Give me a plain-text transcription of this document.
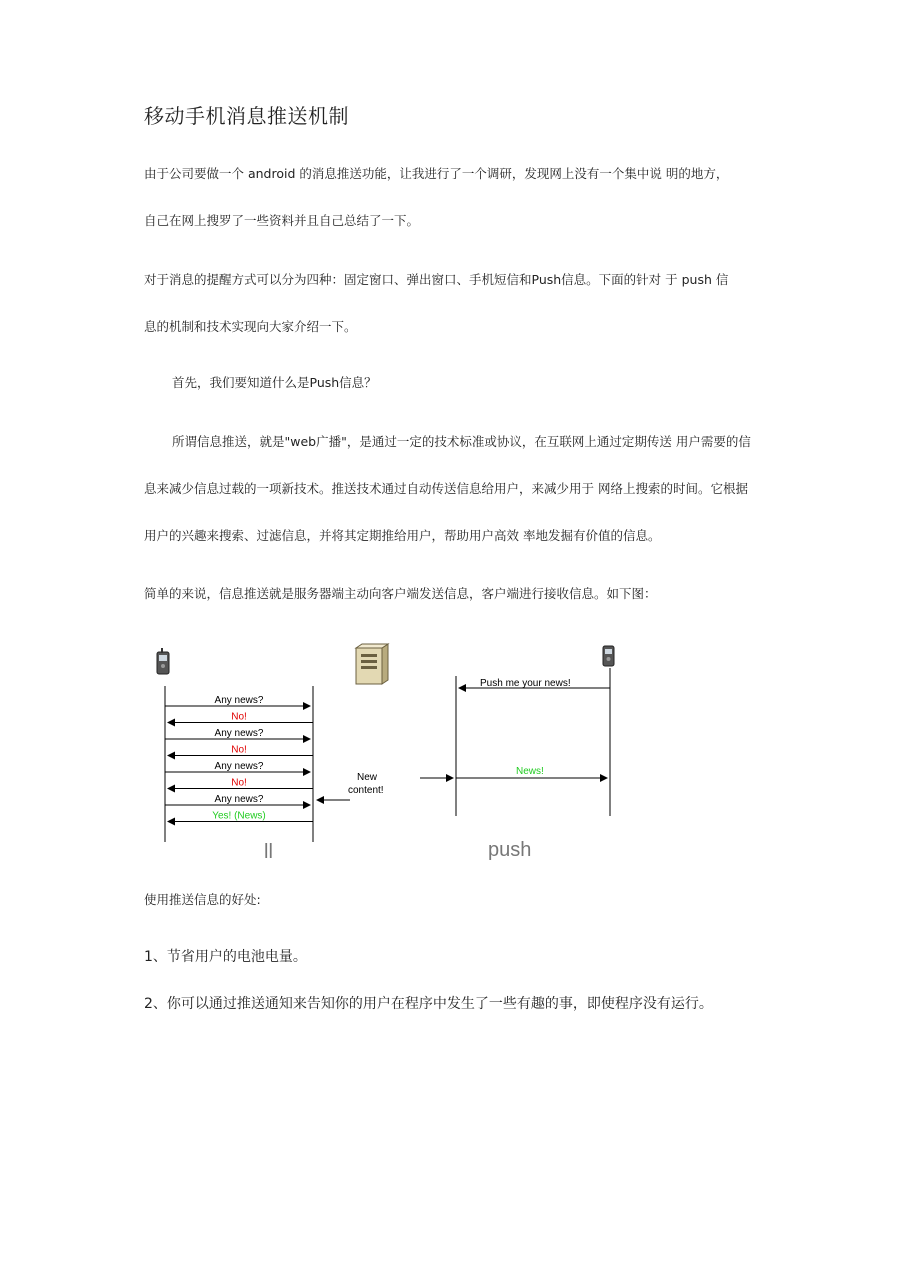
移动手机消息推送机制
由于公司要做一个 android 的消息推送功能，让我进行了一个调研，发现网上没有一个集中说 明的地方，
自己在网上搜罗了一些资料并且自己总结了一下。
对于消息的提醒方式可以分为四种：固定窗口、弹出窗口、手机短信和Push信息。下面的针对 于 push 信
息的机制和技术实现向大家介绍一下。
首先，我们要知道什么是Push信息？
所谓信息推送，就是"web广播"，是通过一定的技术标准或协议，在互联网上通过定期传送 用户需要的信
息来减少信息过载的一项新技术。推送技术通过自动传送信息给用户，来减少用于 网络上搜索的时间。它根据
用户的兴趣来搜索、过滤信息，并将其定期推给用户，帮助用户高效 率地发掘有价值的信息。
简单的来说，信息推送就是服务器端主动向客户端发送信息，客户端进行接收信息。如下图：
Any news?
No!
Any news?
No!
Any news?
No!
Any news?
Yes! (News)
New
content!
ll
Push me your news!
News!
push
使用推送信息的好处:
1、节省用户的电池电量。
2、你可以通过推送通知来告知你的用户在程序中发生了一些有趣的事，即使程序没有运行。
